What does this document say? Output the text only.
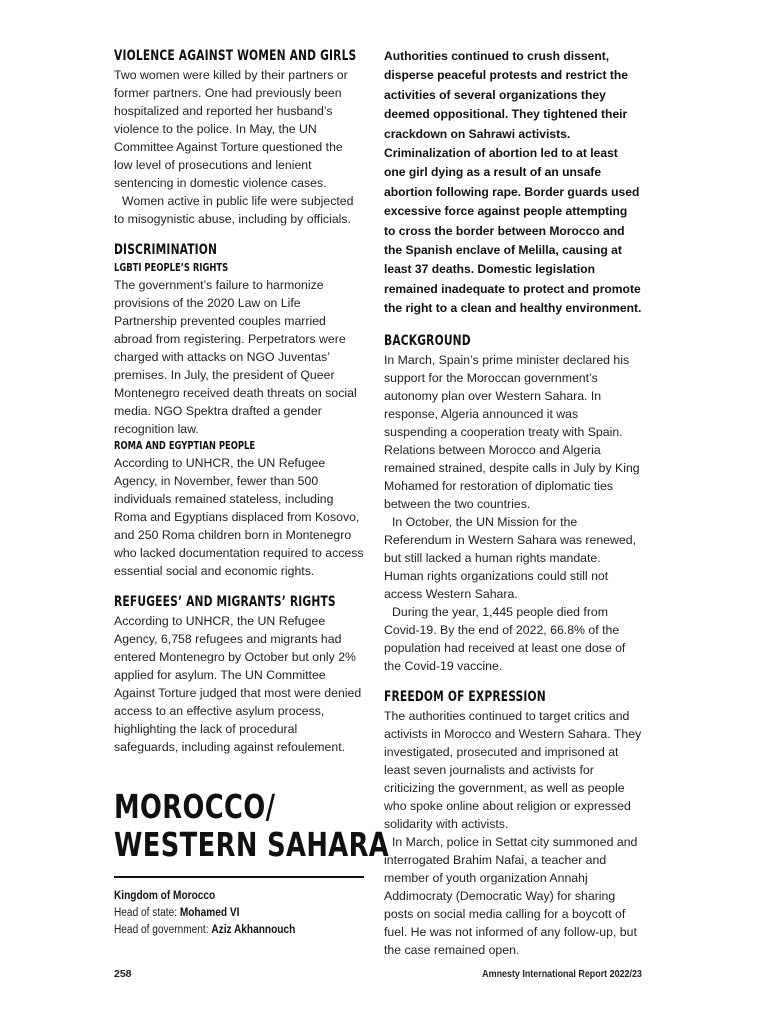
VIOLENCE AGAINST WOMEN AND GIRLS

Two women were killed by their partners or former partners. One had previously been hospitalized and reported her husband’s violence to the police. In May, the UN Committee Against Torture questioned the low level of prosecutions and lenient sentencing in domestic violence cases.

Women active in public life were subjected to misogynistic abuse, including by officials.

DISCRIMINATION
LGBTI PEOPLE’S RIGHTS

The government’s failure to harmonize provisions of the 2020 Law on Life Partnership prevented couples married abroad from registering. Perpetrators were charged with attacks on NGO Juventas’ premises. In July, the president of Queer Montenegro received death threats on social media. NGO Spektra drafted a gender recognition law.

ROMA AND EGYPTIAN PEOPLE

According to UNHCR, the UN Refugee Agency, in November, fewer than 500 individuals remained stateless, including Roma and Egyptians displaced from Kosovo, and 250 Roma children born in Montenegro who lacked documentation required to access essential social and economic rights.

REFUGEES’ AND MIGRANTS’ RIGHTS

According to UNHCR, the UN Refugee Agency, 6,758 refugees and migrants had entered Montenegro by October but only 2% applied for asylum. The UN Committee Against Torture judged that most were denied access to an effective asylum process, highlighting the lack of procedural safeguards, including against refoulement.

MOROCCO/
WESTERN SAHARA
Kingdom of Morocco
Head of state: Mohamed VI
Head of government: Aziz Akhannouch

Authorities continued to crush dissent, disperse peaceful protests and restrict the activities of several organizations they deemed oppositional. They tightened their crackdown on Sahrawi activists. Criminalization of abortion led to at least one girl dying as a result of an unsafe abortion following rape. Border guards used excessive force against people attempting to cross the border between Morocco and the Spanish enclave of Melilla, causing at least 37 deaths. Domestic legislation remained inadequate to protect and promote the right to a clean and healthy environment.

BACKGROUND

In March, Spain’s prime minister declared his support for the Moroccan government’s autonomy plan over Western Sahara. In response, Algeria announced it was suspending a cooperation treaty with Spain. Relations between Morocco and Algeria remained strained, despite calls in July by King Mohamed for restoration of diplomatic ties between the two countries.

In October, the UN Mission for the Referendum in Western Sahara was renewed, but still lacked a human rights mandate. Human rights organizations could still not access Western Sahara.

During the year, 1,445 people died from Covid-19. By the end of 2022, 66.8% of the population had received at least one dose of the Covid-19 vaccine.

FREEDOM OF EXPRESSION

The authorities continued to target critics and activists in Morocco and Western Sahara. They investigated, prosecuted and imprisoned at least seven journalists and activists for criticizing the government, as well as people who spoke online about religion or expressed solidarity with activists.

In March, police in Settat city summoned and interrogated Brahim Nafai, a teacher and member of youth organization Annahj Addimocraty (Democratic Way) for sharing posts on social media calling for a boycott of fuel. He was not informed of any follow-up, but the case remained open.

258	Amnesty International Report 2022/23
